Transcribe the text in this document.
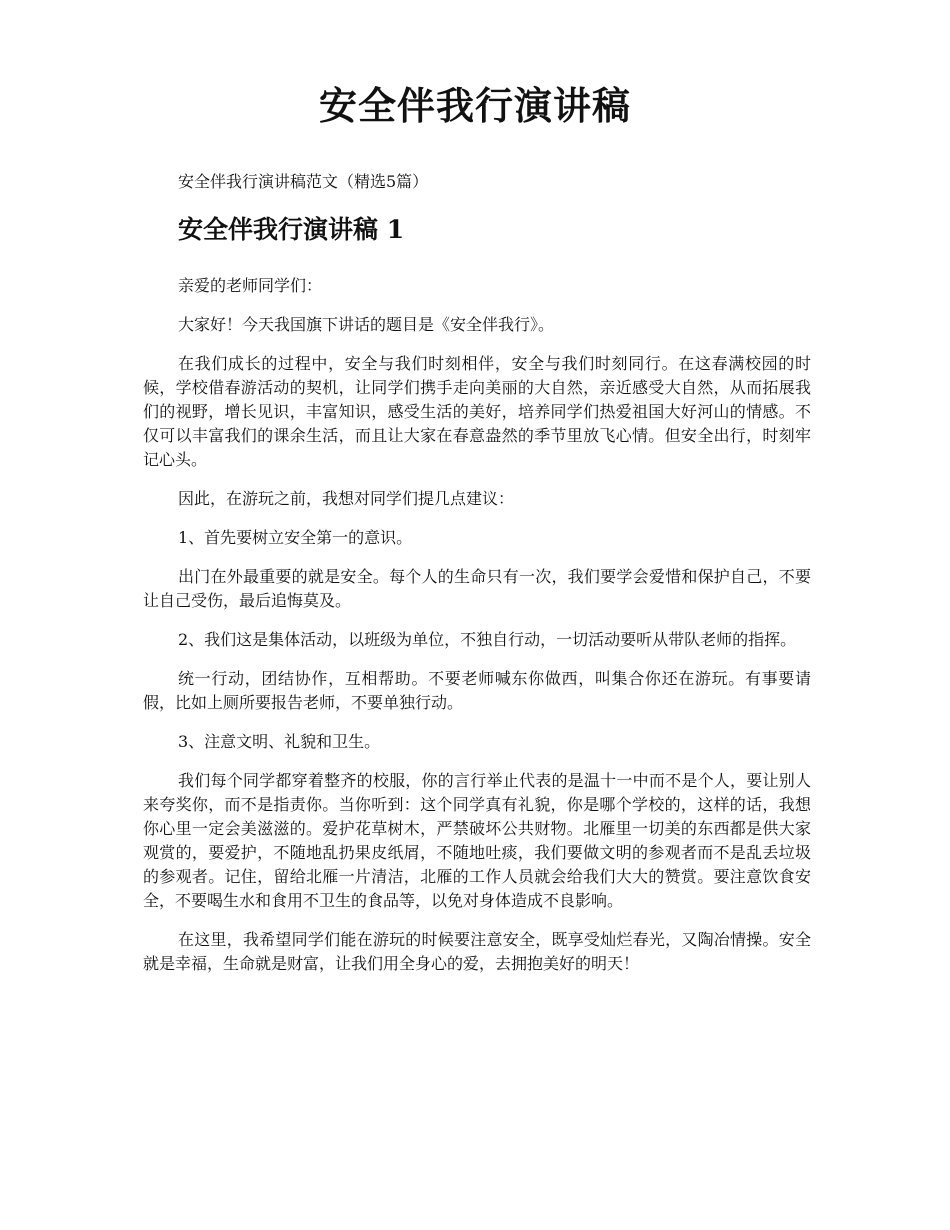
安全伴我行演讲稿

安全伴我行演讲稿范文（精选5篇）

安全伴我行演讲稿 1

亲爱的老师同学们：

大家好！今天我国旗下讲话的题目是《安全伴我行》。

在我们成长的过程中，安全与我们时刻相伴，安全与我们时刻同行。在这春满校园的时候，学校借春游活动的契机，让同学们携手走向美丽的大自然，亲近感受大自然，从而拓展我们的视野，增长见识，丰富知识，感受生活的美好，培养同学们热爱祖国大好河山的情感。不仅可以丰富我们的课余生活，而且让大家在春意盎然的季节里放飞心情。但安全出行，时刻牢记心头。

因此，在游玩之前，我想对同学们提几点建议：

1、首先要树立安全第一的意识。

出门在外最重要的就是安全。每个人的生命只有一次，我们要学会爱惜和保护自己，不要让自己受伤，最后追悔莫及。

2、我们这是集体活动，以班级为单位，不独自行动，一切活动要听从带队老师的指挥。

统一行动，团结协作，互相帮助。不要老师喊东你做西，叫集合你还在游玩。有事要请假，比如上厕所要报告老师，不要单独行动。

3、注意文明、礼貌和卫生。

我们每个同学都穿着整齐的校服，你的言行举止代表的是温十一中而不是个人，要让别人来夸奖你，而不是指责你。当你听到：这个同学真有礼貌，你是哪个学校的，这样的话，我想你心里一定会美滋滋的。爱护花草树木，严禁破坏公共财物。北雁里一切美的东西都是供大家观赏的，要爱护，不随地乱扔果皮纸屑，不随地吐痰，我们要做文明的参观者而不是乱丢垃圾的参观者。记住，留给北雁一片清洁，北雁的工作人员就会给我们大大的赞赏。要注意饮食安全，不要喝生水和食用不卫生的食品等，以免对身体造成不良影响。

在这里，我希望同学们能在游玩的时候要注意安全，既享受灿烂春光，又陶冶情操。安全就是幸福，生命就是财富，让我们用全身心的爱，去拥抱美好的明天！
